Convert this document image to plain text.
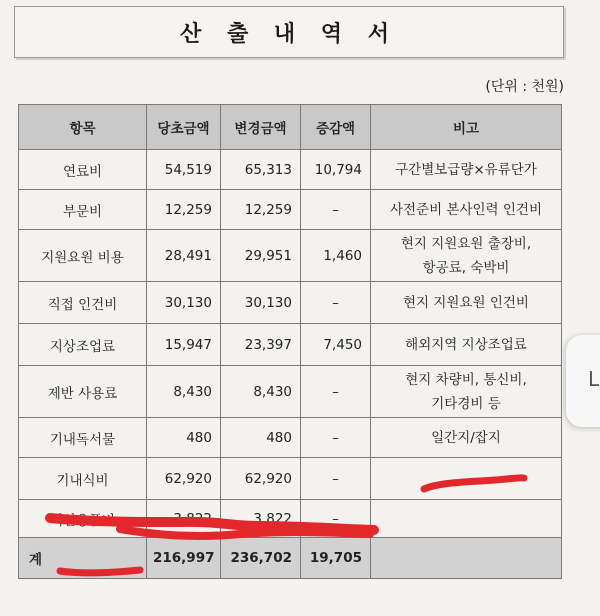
산 출 내 역 서
(단위 : 천원)
항목	당초금액	변경금액	증감액	비고
연료비	54,519	65,313	10,794	구간별보급량×유류단가

부문비	12,259	12,259	–	사전준비 본사인력 인건비

지원요원 비용	28,491	29,951	1,460	현지 지원요원 출장비,
항공료, 숙박비

직접 인건비	30,130	30,130	–	현지 지원요원 인건비

지상조업료	15,947	23,397	7,450	해외지역 지상조업료

제반 사용료	8,430	8,430	–	현지 차량비, 통신비,
기타경비 등

기내독서물	480	480	–	일간지/잡지

기내식비	62,920	62,920	–	

객실용품비	3,822	3,822	–	

계	216,997	236,702	19,705	
L
